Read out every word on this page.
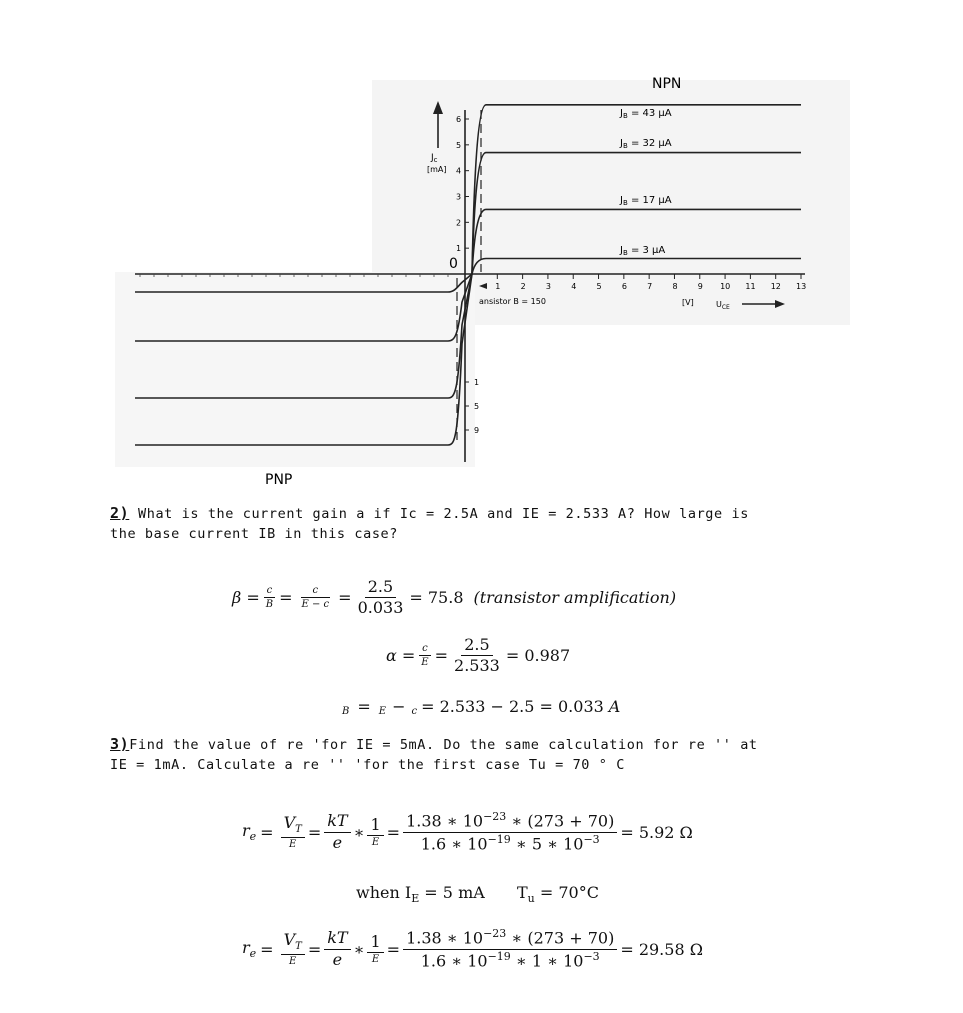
1
2
3
4
5
6
1	2	3	4	5	6	7	8	9 10 11 12 13
1
5
9
$J_B = 43$ μA
$J_B = 32$ μA
$J_B = 17$ μA
$J_B = 3$ μA
NPN
PNP
0
$J_c$
[mA]
[V]	$U_{CE}$
ansistor B = 150
2) What is the current gain a if Ic = 2.5A and IE = 2.533 A? How large is
the base current IB in this case?
$\beta = \frac{c}{B} = \frac{c}{E - c} = \frac{2.5}{0.033} = 75.8$ (transistor amplification)
$\alpha = \frac{c}{E} = \frac{2.5}{2.533} = 0.987$
B = E − c = 2.533 − 2.5 = 0.033 A
3)Find the value of re 'for IE = 5mA. Do the same calculation for re '' at
IE = 1mA. Calculate a re '' 'for the first case Tu = 70 ° C
$r_e = \frac{V_T}{E} = \frac{kT}{e}$ ∗ $\frac{1}{E} = \frac{1.38 ∗ 10^{-23} ∗ (273 + 70)}{1.6 ∗ 10^{-19} ∗ 5 ∗ 10^{-3}} = 5.92$ Ω
when $I_E = 5$ mA $T_u = 70^\circ C$
$r_e = \frac{V_T}{E} = \frac{kT}{e}$ ∗ $\frac{1}{E} = \frac{1.38 ∗ 10^{-23} ∗ (273 + 70)}{1.6 ∗ 10^{-19} ∗ 1 ∗ 10^{-3}} = 29.58$ Ω
